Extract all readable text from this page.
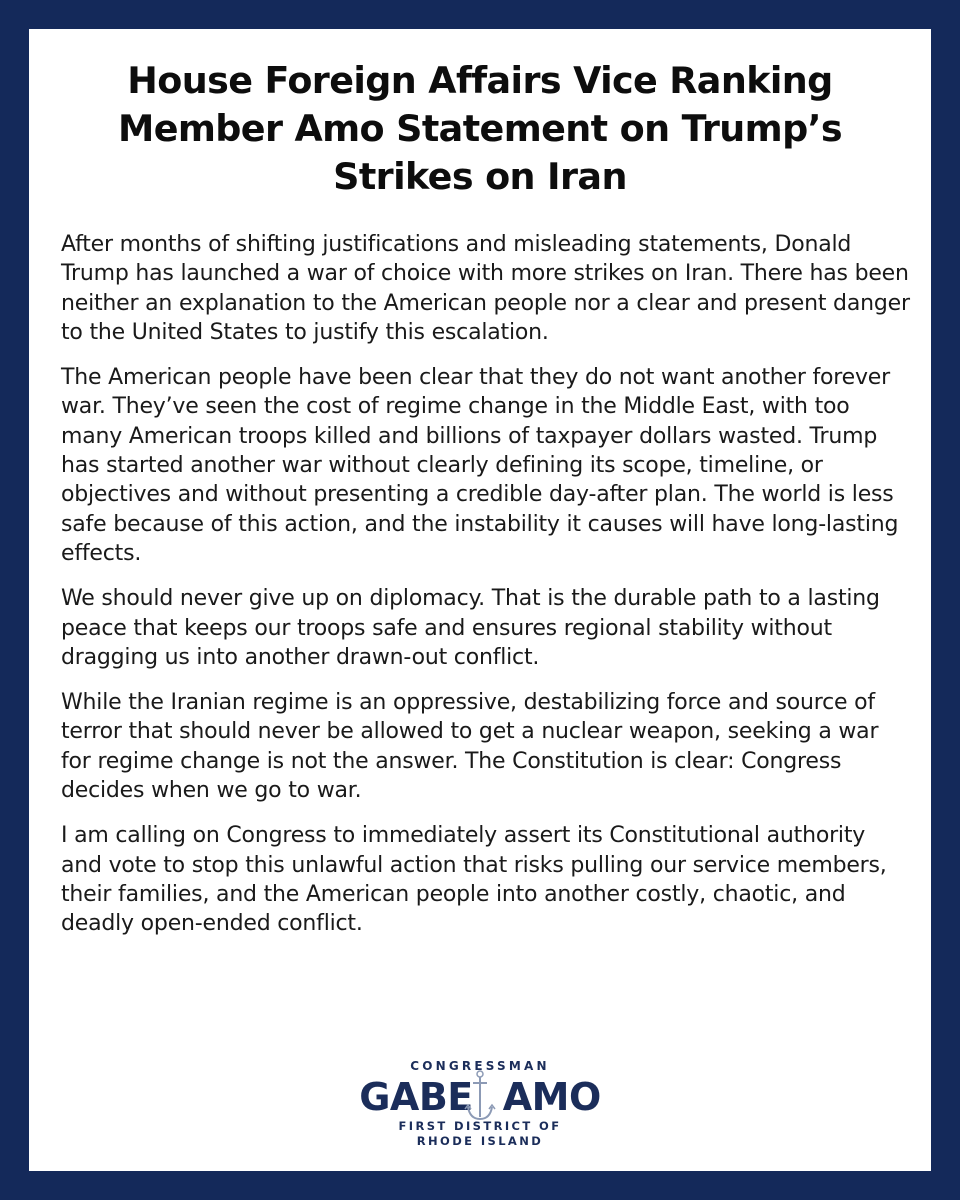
House Foreign Affairs Vice Ranking Member Amo Statement on Trump’s Strikes on Iran

After months of shifting justifications and misleading statements, Donald Trump has launched a war of choice with more strikes on Iran. There has been neither an explanation to the American people nor a clear and present danger to the United States to justify this escalation.

The American people have been clear that they do not want another forever war. They’ve seen the cost of regime change in the Middle East, with too many American troops killed and billions of taxpayer dollars wasted. Trump has started another war without clearly defining its scope, timeline, or objectives and without presenting a credible day-after plan. The world is less safe because of this action, and the instability it causes will have long-lasting effects.

We should never give up on diplomacy. That is the durable path to a lasting peace that keeps our troops safe and ensures regional stability without dragging us into another drawn-out conflict.

While the Iranian regime is an oppressive, destabilizing force and source of terror that should never be allowed to get a nuclear weapon, seeking a war for regime change is not the answer. The Constitution is clear: Congress decides when we go to war.

I am calling on Congress to immediately assert its Constitutional authority and vote to stop this unlawful action that risks pulling our service members, their families, and the American people into another costly, chaotic, and deadly open-ended conflict.

CONGRESSMAN
GABE AMO
FIRST DISTRICT OF
RHODE ISLAND
